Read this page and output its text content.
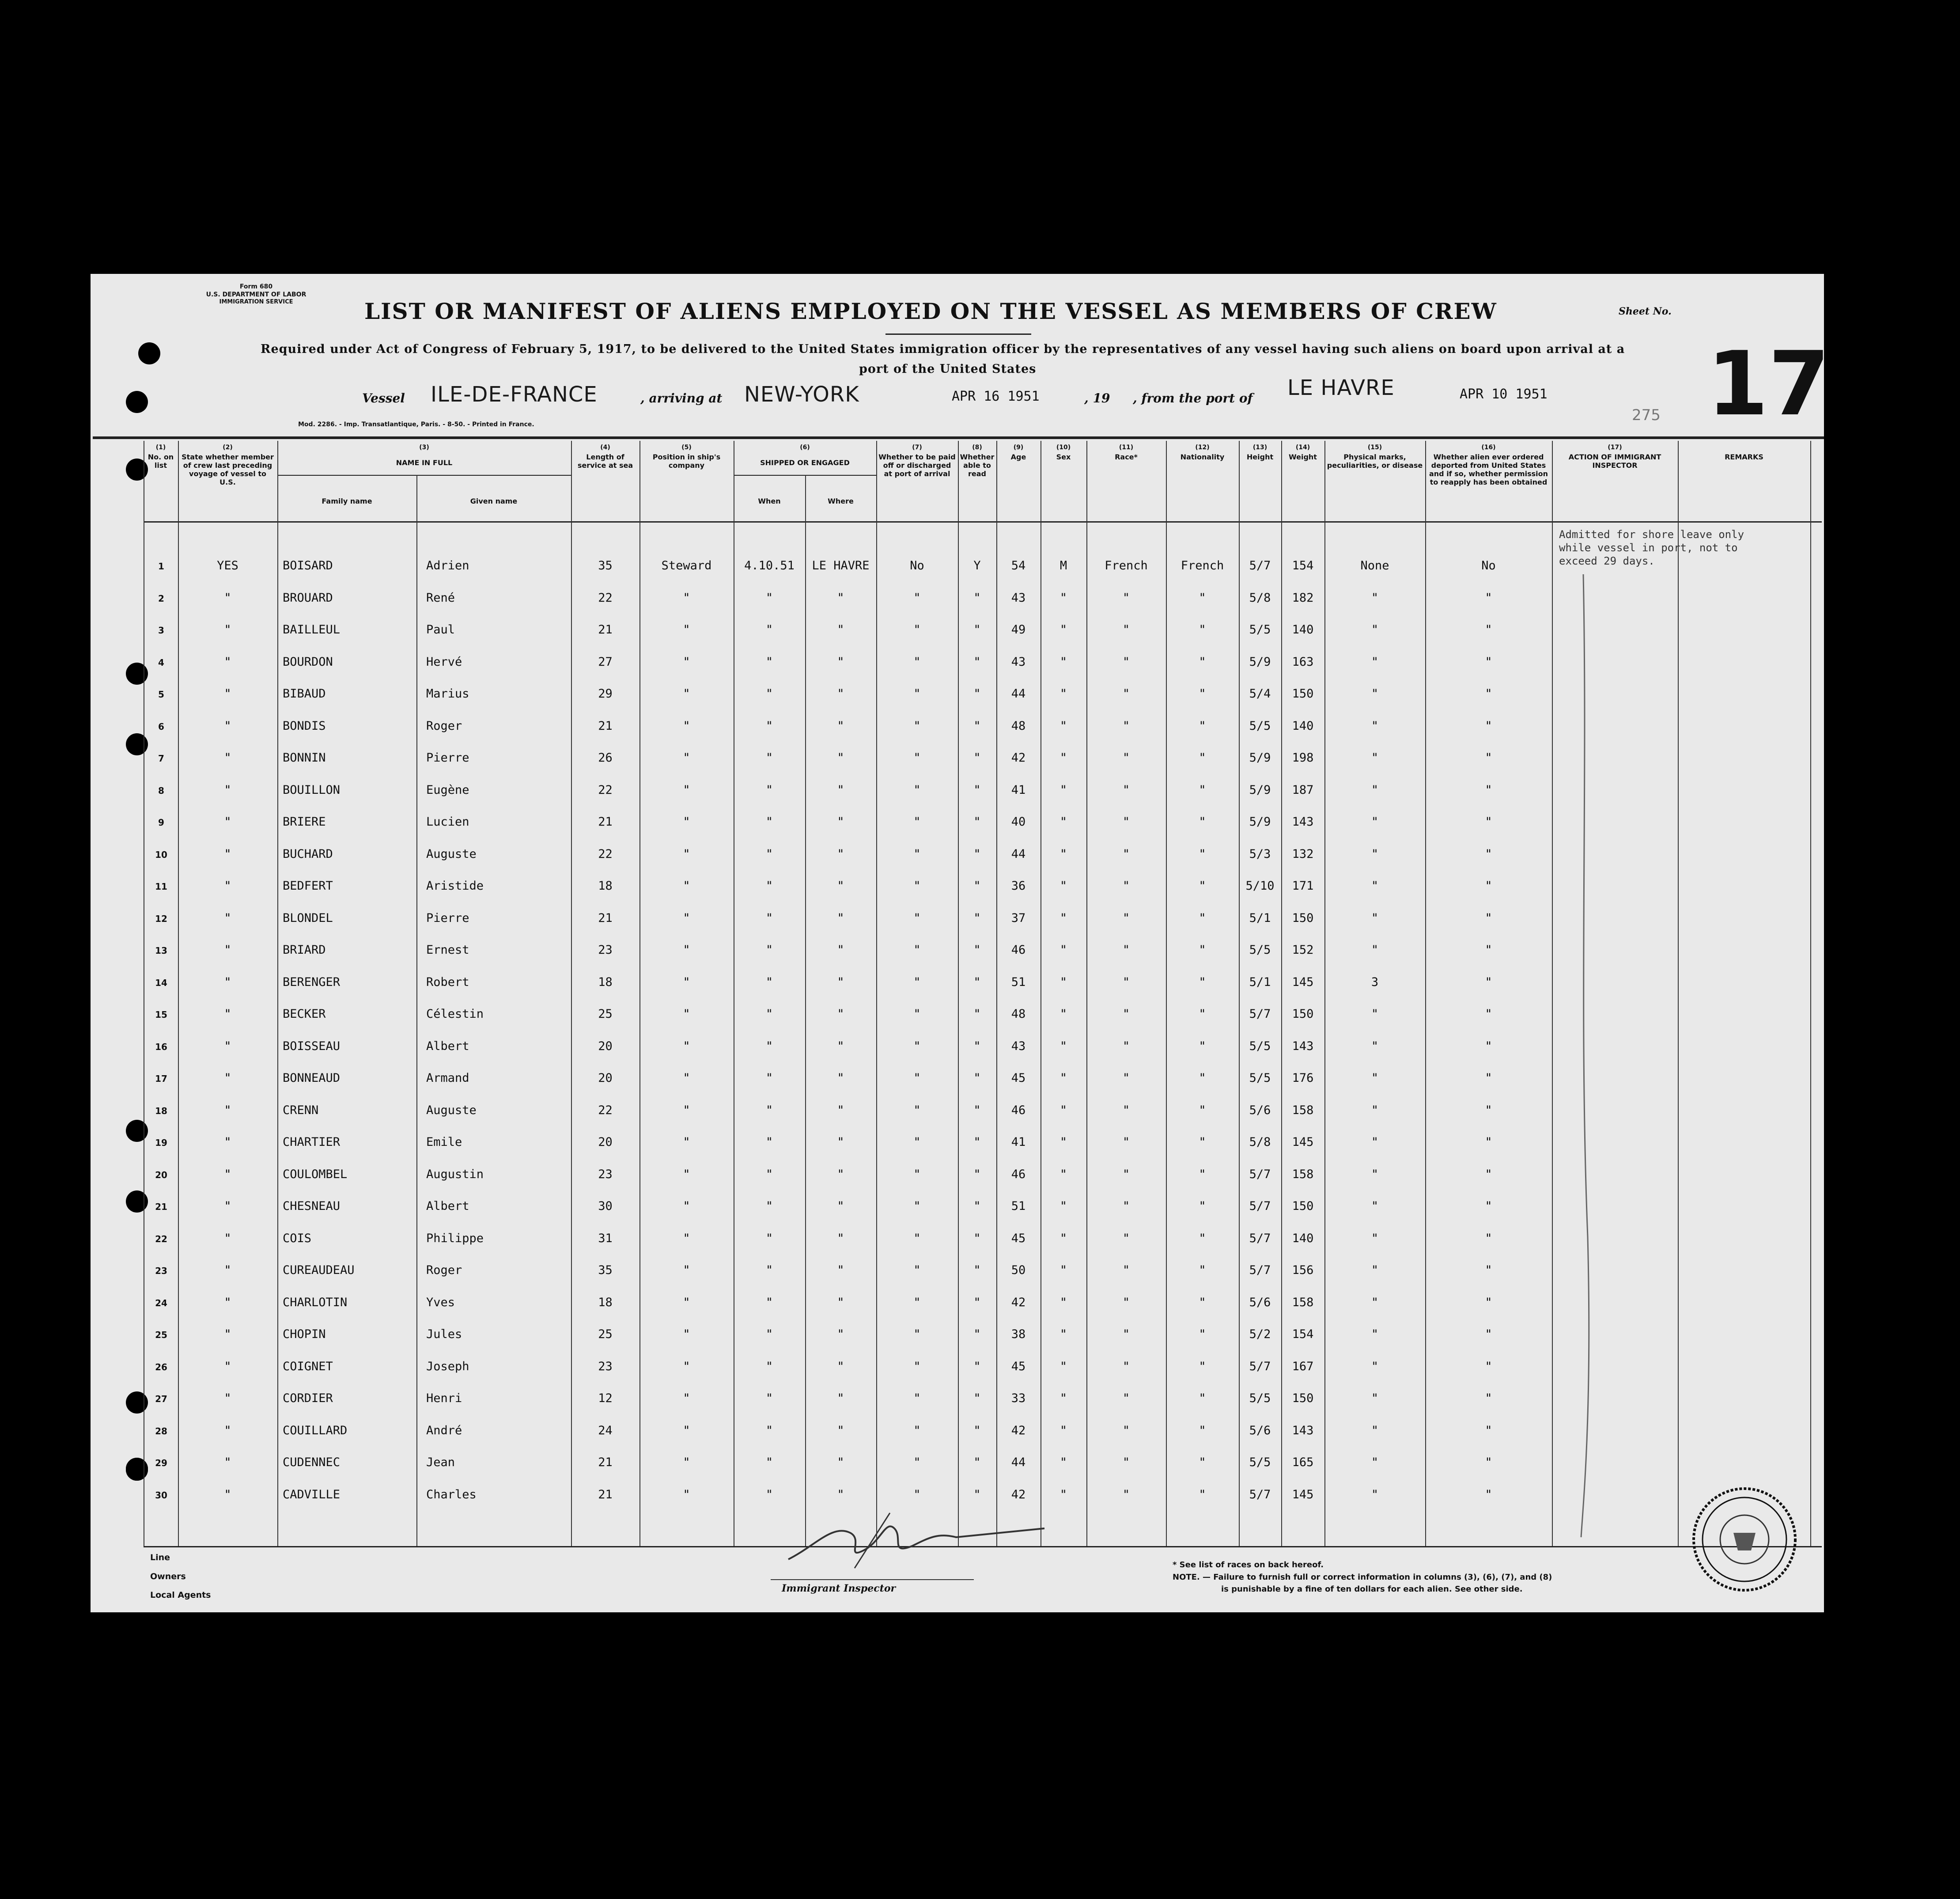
Form 680
U.S. DEPARTMENT OF LABOR
IMMIGRATION SERVICE	LIST OR MANIFEST OF ALIENS EMPLOYED ON THE VESSEL AS MEMBERS OF CREW	Sheet No.
Required under Act of Congress of February 5, 1917, to be delivered to the United States immigration officer by the representatives of any vessel having such aliens on board upon arrival at a
port of the United States
Vessel ILE-DE-FRANCE	, arriving at NEW-YORK	APR 16 1951	, 19 , from the port of LE HAVRE	APR 10 1951
275 17
Mod. 2286. - Imp. Transatlantique, Paris. - 8-50. - Printed in France.
(1)
No. on list
(2)
State whether member of crew last preceding voyage of vessel to U.S.
(3)
NAME IN FULL
(4)
Length of service at sea
(5)
Position in ship's company
(6)
SHIPPED OR ENGAGED
(7)
Whether to be paid off or discharged at port of arrival
(8)
Whether able to read
(9)
Age
(10)
Sex
(11)
Race*
(12)
Nationality
(13)
Height
(14)
Weight
(15)
Physical marks, peculiarities, or disease
(16)
Whether alien ever ordered deported from United States and if so, whether permission to reapply has been obtained
(17)
ACTION OF IMMIGRANT INSPECTOR
REMARKS
Family name	Given name	When	Where
1	YES	BOISARD	Adrien	35	Steward	4.10.51	LE HAVRE	No	Y	54	M	French	French	5/7	154	None	No
2	"	BROUARD	René	22	"	"	"	"	"	43	"	"	"	5/8	182	"	"
3	"	BAILLEUL	Paul	21	"	"	"	"	"	49	"	"	"	5/5	140	"	"
4	"	BOURDON	Hervé	27	"	"	"	"	"	43	"	"	"	5/9	163	"	"
5	"	BIBAUD	Marius	29	"	"	"	"	"	44	"	"	"	5/4	150	"	"
6	"	BONDIS	Roger	21	"	"	"	"	"	48	"	"	"	5/5	140	"	"
7	"	BONNIN	Pierre	26	"	"	"	"	"	42	"	"	"	5/9	198	"	"
8	"	BOUILLON	Eugène	22	"	"	"	"	"	41	"	"	"	5/9	187	"	"
9	"	BRIERE	Lucien	21	"	"	"	"	"	40	"	"	"	5/9	143	"	"
10	"	BUCHARD	Auguste	22	"	"	"	"	"	44	"	"	"	5/3	132	"	"
11	"	BEDFERT	Aristide	18	"	"	"	"	"	36	"	"	"	5/10	171	"	"
12	"	BLONDEL	Pierre	21	"	"	"	"	"	37	"	"	"	5/1	150	"	"
13	"	BRIARD	Ernest	23	"	"	"	"	"	46	"	"	"	5/5	152	"	"
14	"	BERENGER	Robert	18	"	"	"	"	"	51	"	"	"	5/1	145	3	"
15	"	BECKER	Célestin	25	"	"	"	"	"	48	"	"	"	5/7	150	"	"
16	"	BOISSEAU	Albert	20	"	"	"	"	"	43	"	"	"	5/5	143	"	"
17	"	BONNEAUD	Armand	20	"	"	"	"	"	45	"	"	"	5/5	176	"	"
18	"	CRENN	Auguste	22	"	"	"	"	"	46	"	"	"	5/6	158	"	"
19	"	CHARTIER	Emile	20	"	"	"	"	"	41	"	"	"	5/8	145	"	"
20	"	COULOMBEL	Augustin	23	"	"	"	"	"	46	"	"	"	5/7	158	"	"
21	"	CHESNEAU	Albert	30	"	"	"	"	"	51	"	"	"	5/7	150	"	"
22	"	COIS	Philippe	31	"	"	"	"	"	45	"	"	"	5/7	140	"	"
23	"	CUREAUDEAU	Roger	35	"	"	"	"	"	50	"	"	"	5/7	156	"	"
24	"	CHARLOTIN	Yves	18	"	"	"	"	"	42	"	"	"	5/6	158	"	"
25	"	CHOPIN	Jules	25	"	"	"	"	"	38	"	"	"	5/2	154	"	"
26	"	COIGNET	Joseph	23	"	"	"	"	"	45	"	"	"	5/7	167	"	"
27	"	CORDIER	Henri	12	"	"	"	"	"	33	"	"	"	5/5	150	"	"
28	"	COUILLARD	André	24	"	"	"	"	"	42	"	"	"	5/6	143	"	"
29	"	CUDENNEC	Jean	21	"	"	"	"	"	44	"	"	"	5/5	165	"	"
30	"	CADVILLE	Charles	21	"	"	"	"	"	42	"	"	"	5/7	145	"	"
Admitted for shore leave only while vessel in port, not to exceed 29 days.
Line
Owners
Local Agents
Immigrant Inspector
* See list of races on back hereof.
NOTE. — Failure to furnish full or correct information in columns (3), (6), (7), and (8)
is punishable by a fine of ten dollars for each alien. See other side.
